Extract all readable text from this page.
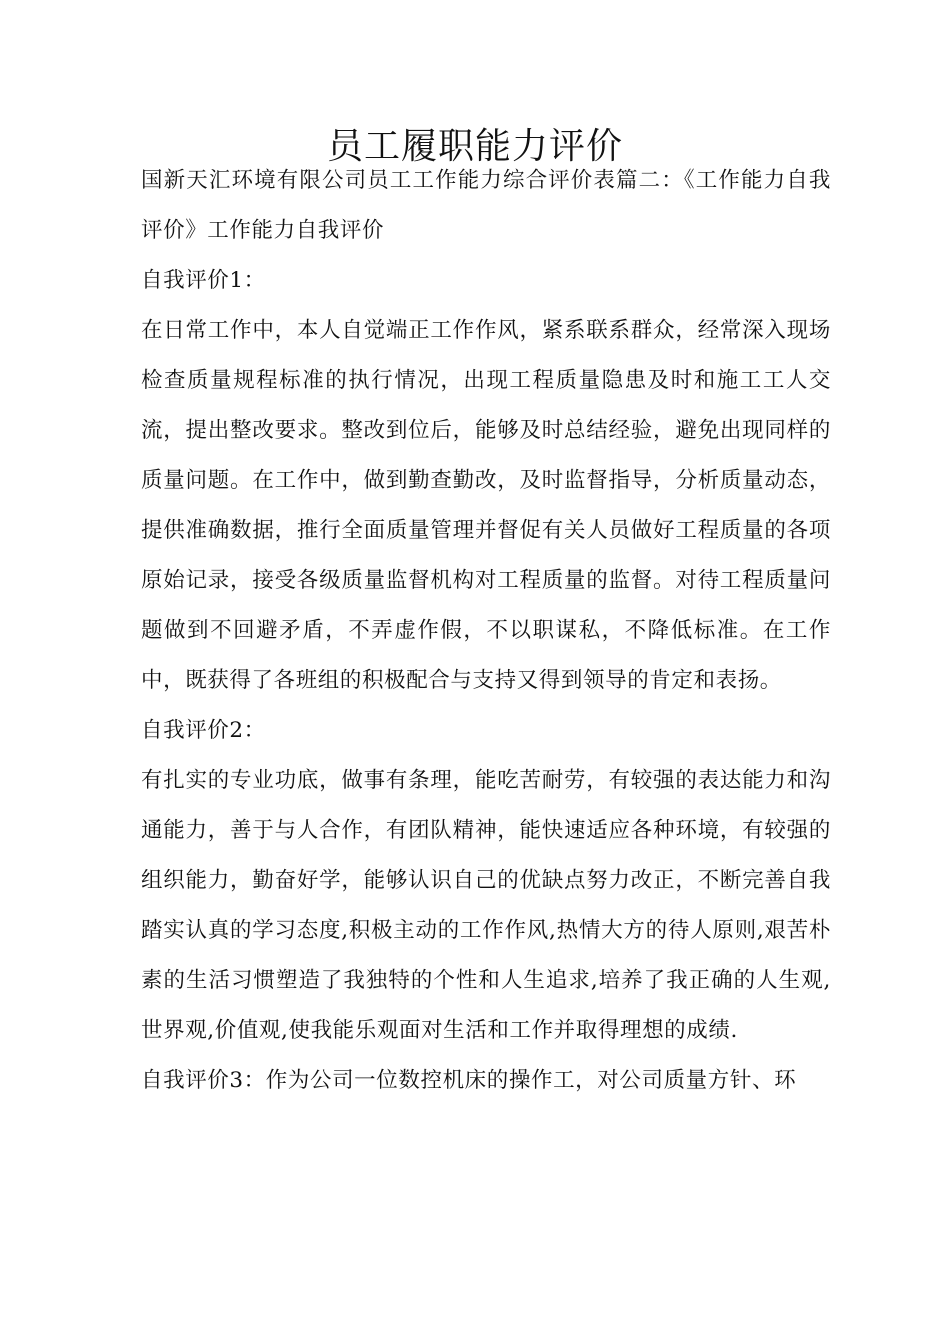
员工履职能力评价

国新天汇环境有限公司员工工作能力综合评价表篇二：《工作能力自我评价》工作能力自我评价

自我评价1：

在日常工作中，本人自觉端正工作作风，紧系联系群众，经常深入现场检查质量规程标准的执行情况，出现工程质量隐患及时和施工工人交流，提出整改要求。整改到位后，能够及时总结经验，避免出现同样的质量问题。在工作中，做到勤查勤改，及时监督指导，分析质量动态，提供准确数据，推行全面质量管理并督促有关人员做好工程质量的各项原始记录，接受各级质量监督机构对工程质量的监督。对待工程质量问题做到不回避矛盾，不弄虚作假，不以职谋私，不降低标准。在工作中，既获得了各班组的积极配合与支持又得到领导的肯定和表扬。

自我评价2：

有扎实的专业功底，做事有条理，能吃苦耐劳，有较强的表达能力和沟通能力，善于与人合作，有团队精神，能快速适应各种环境，有较强的组织能力，勤奋好学，能够认识自己的优缺点努力改正，不断完善自我踏实认真的学习态度,积极主动的工作作风,热情大方的待人原则,艰苦朴素的生活习惯塑造了我独特的个性和人生追求,培养了我正确的人生观,世界观,价值观,使我能乐观面对生活和工作并取得理想的成绩.

自我评价3：作为公司一位数控机床的操作工，对公司质量方针、环
